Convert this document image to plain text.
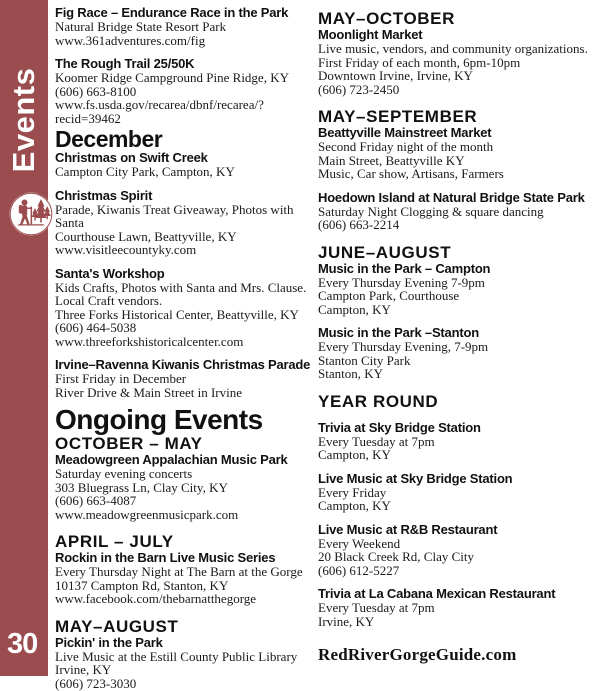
Events
30
Fig Race – Endurance Race in the Park
Natural Bridge State Resort Park
www.361adventures.com/fig
The Rough Trail 25/50K
Koomer Ridge Campground Pine Ridge, KY
(606) 663-8100
www.fs.usda.gov/recarea/dbnf/recarea/?recid=39462
December
Christmas on Swift Creek
Campton City Park, Campton, KY
Christmas Spirit
Parade, Kiwanis Treat Giveaway, Photos with Santa
Courthouse Lawn, Beattyville, KY
www.visitleecountyky.com
Santa's Workshop
Kids Crafts, Photos with Santa and Mrs. Clause.
Local Craft vendors.
Three Forks Historical Center, Beattyville, KY
(606) 464-5038
www.threeforkshistoricalcenter.com
Irvine–Ravenna Kiwanis Christmas Parade
First Friday in December
River Drive & Main Street in Irvine
Ongoing Events
OCTOBER – MAY
Meadowgreen Appalachian Music Park
Saturday evening concerts
303 Bluegrass Ln, Clay City, KY
(606) 663-4087
www.meadowgreenmusicpark.com
APRIL – JULY
Rockin in the Barn Live Music Series
Every Thursday Night at The Barn at the Gorge
10137 Campton Rd, Stanton, KY
www.facebook.com/thebarnatthegorge
MAY–AUGUST
Pickin' in the Park
Live Music at the Estill County Public Library
Irvine, KY
(606) 723-3030
MAY–OCTOBER
Moonlight Market
Live music, vendors, and community organizations.
First Friday of each month, 6pm-10pm
Downtown Irvine, Irvine, KY
(606) 723-2450
MAY–SEPTEMBER
Beattyville Mainstreet Market
Second Friday night of the month
Main Street, Beattyville KY
Music, Car show, Artisans, Farmers
Hoedown Island at Natural Bridge State Park
Saturday Night Clogging & square dancing
(606) 663-2214
JUNE–AUGUST
Music in the Park – Campton
Every Thursday Evening 7-9pm
Campton Park, Courthouse
Campton, KY
Music in the Park –Stanton
Every Thursday Evening, 7-9pm
Stanton City Park
Stanton, KY
YEAR ROUND
Trivia at Sky Bridge Station
Every Tuesday at 7pm
Campton, KY
Live Music at Sky Bridge Station
Every Friday
Campton, KY
Live Music at R&B Restaurant
Every Weekend
20 Black Creek Rd, Clay City
(606) 612-5227
Trivia at La Cabana Mexican Restaurant
Every Tuesday at 7pm
Irvine, KY
RedRiverGorgeGuide.com
